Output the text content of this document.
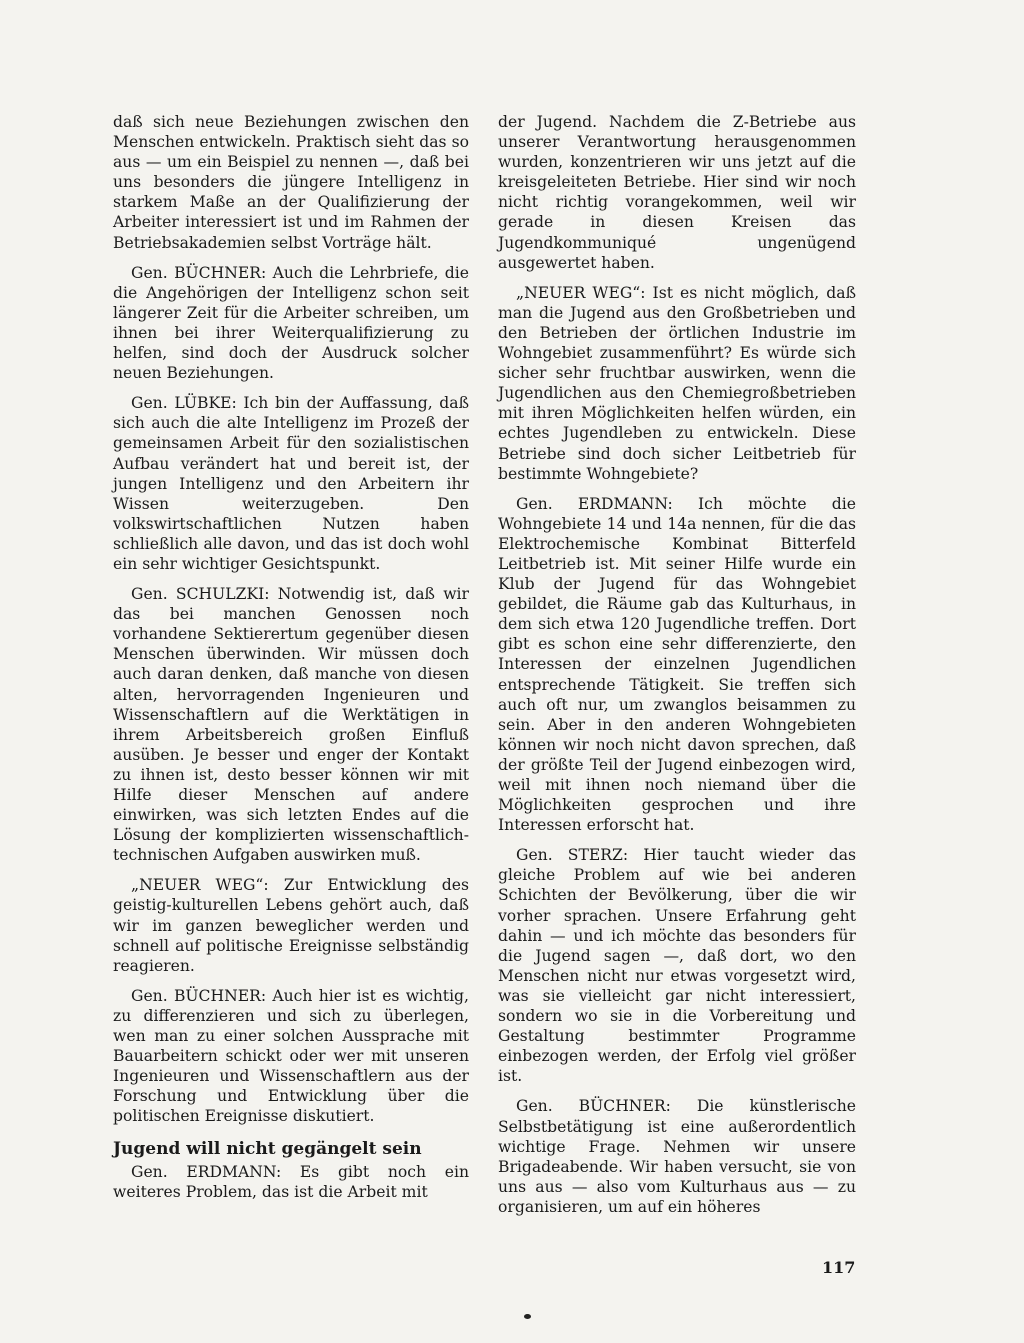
daß sich neue Beziehungen zwischen den Menschen entwickeln. Praktisch sieht das so aus — um ein Beispiel zu nennen —, daß bei uns besonders die jüngere Intelligenz in starkem Maße an der Qualifizierung der Arbeiter interessiert ist und im Rahmen der Betriebsakademien selbst Vorträge hält.

Gen. BÜCHNER: Auch die Lehrbriefe, die die Angehörigen der Intelligenz schon seit längerer Zeit für die Arbeiter schreiben, um ihnen bei ihrer Weiterqualifizierung zu helfen, sind doch der Ausdruck solcher neuen Beziehungen.

Gen. LÜBKE: Ich bin der Auffassung, daß sich auch die alte Intelligenz im Prozeß der gemeinsamen Arbeit für den sozialistischen Aufbau verändert hat und bereit ist, der jungen Intelligenz und den Arbeitern ihr Wissen weiterzugeben. Den volkswirtschaftlichen Nutzen haben schließlich alle davon, und das ist doch wohl ein sehr wichtiger Gesichtspunkt.

Gen. SCHULZKI: Notwendig ist, daß wir das bei manchen Genossen noch vorhandene Sektierertum gegenüber diesen Menschen überwinden. Wir müssen doch auch daran denken, daß manche von diesen alten, hervorragenden Ingenieuren und Wissenschaftlern auf die Werktätigen in ihrem Arbeitsbereich großen Einfluß ausüben. Je besser und enger der Kontakt zu ihnen ist, desto besser können wir mit Hilfe dieser Menschen auf andere einwirken, was sich letzten Endes auf die Lösung der komplizierten wissenschaftlich-technischen Aufgaben auswirken muß.

„NEUER WEG“: Zur Entwicklung des geistig-kulturellen Lebens gehört auch, daß wir im ganzen beweglicher werden und schnell auf politische Ereignisse selbständig reagieren.

Gen. BÜCHNER: Auch hier ist es wichtig, zu differenzieren und sich zu überlegen, wen man zu einer solchen Aussprache mit Bauarbeitern schickt oder wer mit unseren Ingenieuren und Wissenschaftlern aus der Forschung und Entwicklung über die politischen Ereignisse diskutiert.

Jugend will nicht gegängelt sein

Gen. ERDMANN: Es gibt noch ein weiteres Problem, das ist die Arbeit mit

der Jugend. Nachdem die Z-Betriebe aus unserer Verantwortung herausgenommen wurden, konzentrieren wir uns jetzt auf die kreisgeleiteten Betriebe. Hier sind wir noch nicht richtig vorangekommen, weil wir gerade in diesen Kreisen das Jugendkommuniqué ungenügend ausgewertet haben.

„NEUER WEG“: Ist es nicht möglich, daß man die Jugend aus den Großbetrieben und den Betrieben der örtlichen Industrie im Wohngebiet zusammenführt? Es würde sich sicher sehr fruchtbar auswirken, wenn die Jugendlichen aus den Chemiegroßbetrieben mit ihren Möglichkeiten helfen würden, ein echtes Jugendleben zu entwickeln. Diese Betriebe sind doch sicher Leitbetrieb für bestimmte Wohngebiete?

Gen. ERDMANN: Ich möchte die Wohngebiete 14 und 14a nennen, für die das Elektrochemische Kombinat Bitterfeld Leitbetrieb ist. Mit seiner Hilfe wurde ein Klub der Jugend für das Wohngebiet gebildet, die Räume gab das Kulturhaus, in dem sich etwa 120 Jugendliche treffen. Dort gibt es schon eine sehr differenzierte, den Interessen der einzelnen Jugendlichen entsprechende Tätigkeit. Sie treffen sich auch oft nur, um zwanglos beisammen zu sein. Aber in den anderen Wohngebieten können wir noch nicht davon sprechen, daß der größte Teil der Jugend einbezogen wird, weil mit ihnen noch niemand über die Möglichkeiten gesprochen und ihre Interessen erforscht hat.

Gen. STERZ: Hier taucht wieder das gleiche Problem auf wie bei anderen Schichten der Bevölkerung, über die wir vorher sprachen. Unsere Erfahrung geht dahin — und ich möchte das besonders für die Jugend sagen —, daß dort, wo den Menschen nicht nur etwas vorgesetzt wird, was sie vielleicht gar nicht interessiert, sondern wo sie in die Vorbereitung und Gestaltung bestimmter Programme einbezogen werden, der Erfolg viel größer ist.

Gen. BÜCHNER: Die künstlerische Selbstbetätigung ist eine außerordentlich wichtige Frage. Nehmen wir unsere Brigadeabende. Wir haben versucht, sie von uns aus — also vom Kulturhaus aus — zu organisieren, um auf ein höheres

117
